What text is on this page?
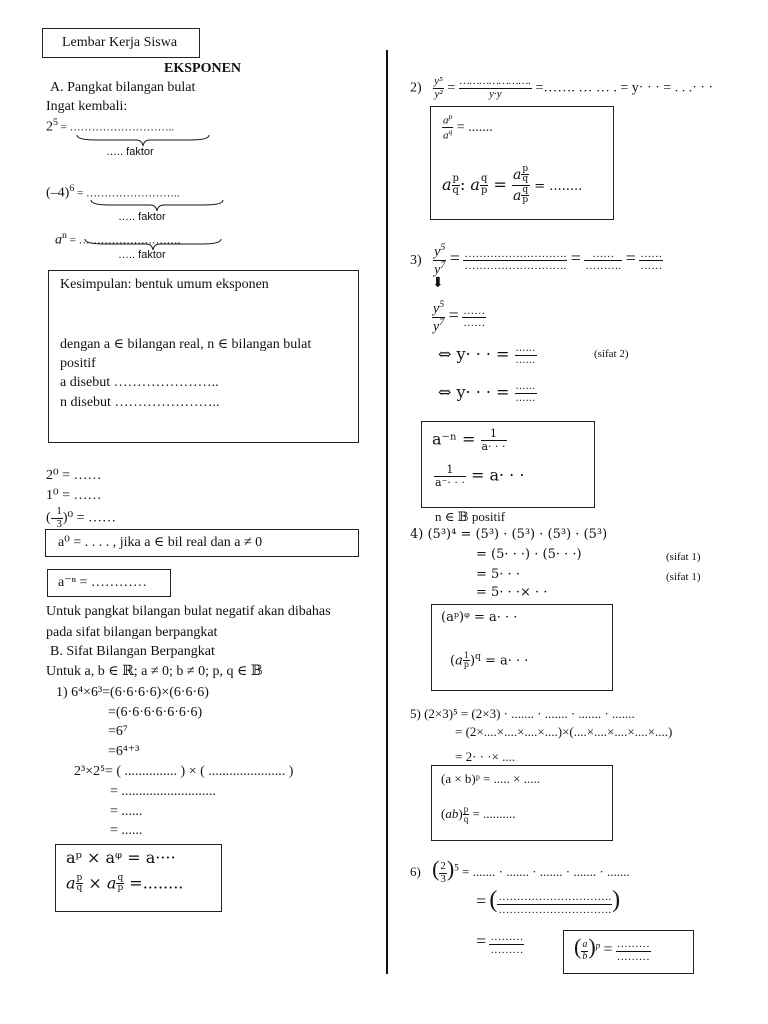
Lembar Kerja Siswa
EKSPONEN
A. Pangkat bilangan bulat
Ingat kembali:
$2^5$ = ………………………..
….. faktor
$(-4)^6$ = ……………………..
….. faktor
$a^n$ = ……………………….
….. faktor
Kesimpulan: bentuk umum eksponen
dengan a ∈ bilangan real, n ∈ bilangan bulat
positif
a disebut …………………..
n disebut …………………..
2⁰ = ……
1⁰ = ……
(- $\frac{1}{3} )^0$ = ……
a⁰ = . . . . , jika a ∈ bil real dan a ≠ 0
a⁻ⁿ = …………
Untuk pangkat bilangan bulat negatif akan dibahas
pada sifat bilangan berpangkat
B. Sifat Bilangan Berpangkat
Untuk a, b ∈ ℝ; a ≠ 0; b ≠ 0; p, q ∈ 𝔹
1) 6⁴×6³=(6·6·6·6)×(6·6·6)
=(6·6·6·6·6·6·6)
=6⁷
=6⁴⁺³
2³×2⁵= ( ............... ) × ( ...................... )
= ...........................
= ......
= ......
aᵖ × aᵠ = a····
a $\frac{p}{q} \times a \frac{q}{p}$ =........
$2) \frac{\text{y⁵}}{\text{y²}} = \frac{\dots\dots\dots\dots\dots\dots\dots.}{y\cdot y}$ =……. … … . = y· · · = . . .· · ·
$\frac{a^p}{a^q}$ = .......
a $\frac{p}{q}$ : a $\frac{q}{p} = \frac{a \frac{p}{q}}{a \frac{q}{p}}$ = ........
$3) \frac{y^5}{y^7} = \frac{\dots\dots\dots\dots\dots\dots\dots\dots\dots.}{\dots\dots\dots\dots\dots\dots\dots\dots\dots.} = \frac{\dots\dots}{\dots\dots\dots.} = \frac{\dots\dots}{\dots\dots}$
⬇
$\frac{y^5}{y^7} = \frac{\dots\dots}{\dots\dots}$
⇔ y· · · = $\frac{\dots\dots}{\dots\dots}$	(sifat 2)
⇔ y· · · = $\frac{\dots\dots}{\dots\dots}$
$a^{-n} = \frac{1}{a\cdot \cdot \cdot}$
$\frac{1}{a^-\cdot \cdot \cdot} = a\cdot$ · ·
n ∈ 𝔹 positif
4) (5³)⁴ = (5³) · (5³) · (5³) · (5³)
= (5· · ·) · (5· · ·)	(sifat 1)
= 5· · ·	(sifat 1)
= 5· · ·× · ·
(aᵖ)ᵠ = a· · ·
$(a \frac{1}{p} )^q = a\cdot$ · ·
5) (2×3)⁵ = (2×3) · ....... · ....... · ....... · .......
= (2×....×....×....×....)×(....×....×....×....×....)
= 2· · ·× ....
(a × b)ᵖ = ..... × .....
$(ab) \frac{p}{q}$ = ..........
6) ( $\frac{2}{3} )^5$ = ....... · ....... · ....... · ....... · .......
= ( $\frac{\dots\dots\dots\dots\dots\dots\dots\dots\dots\dots.}{\dots\dots\dots\dots\dots\dots\dots\dots\dots\dots.}$ )
= $\frac{\dots\dots\dots}{\dots\dots\dots}$ ( $\frac{a}{b} )^p = \frac{\dots\dots\dots}{\dots\dots\dots}$
